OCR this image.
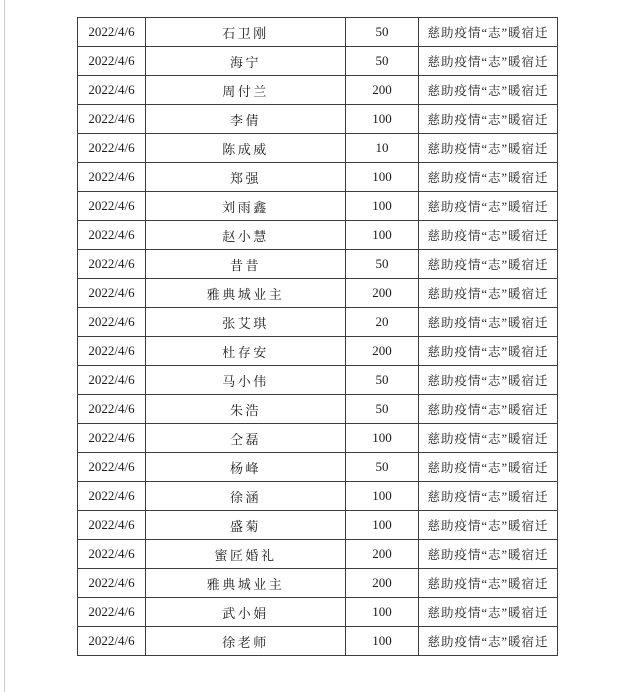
2022/4/6	石卫刚	50	慈助疫情“志”暖宿迁
2022/4/6	海宁	50	慈助疫情“志”暖宿迁
2022/4/6	周付兰	200	慈助疫情“志”暖宿迁
2022/4/6	李倩	100	慈助疫情“志”暖宿迁
2022/4/6	陈成威	10	慈助疫情“志”暖宿迁
2022/4/6	郑强	100	慈助疫情“志”暖宿迁
2022/4/6	刘雨鑫	100	慈助疫情“志”暖宿迁
2022/4/6	赵小慧	100	慈助疫情“志”暖宿迁
2022/4/6	昔昔	50	慈助疫情“志”暖宿迁
2022/4/6	雅典城业主	200	慈助疫情“志”暖宿迁
2022/4/6	张艾琪	20	慈助疫情“志”暖宿迁
2022/4/6	杜存安	200	慈助疫情“志”暖宿迁
2022/4/6	马小伟	50	慈助疫情“志”暖宿迁
2022/4/6	朱浩	50	慈助疫情“志”暖宿迁
2022/4/6	仝磊	100	慈助疫情“志”暖宿迁
2022/4/6	杨峰	50	慈助疫情“志”暖宿迁
2022/4/6	徐涵	100	慈助疫情“志”暖宿迁
2022/4/6	盛菊	100	慈助疫情“志”暖宿迁
2022/4/6	蜜匠婚礼	200	慈助疫情“志”暖宿迁
2022/4/6	雅典城业主	200	慈助疫情“志”暖宿迁
2022/4/6	武小娟	100	慈助疫情“志”暖宿迁
2022/4/6	徐老师	100	慈助疫情“志”暖宿迁
